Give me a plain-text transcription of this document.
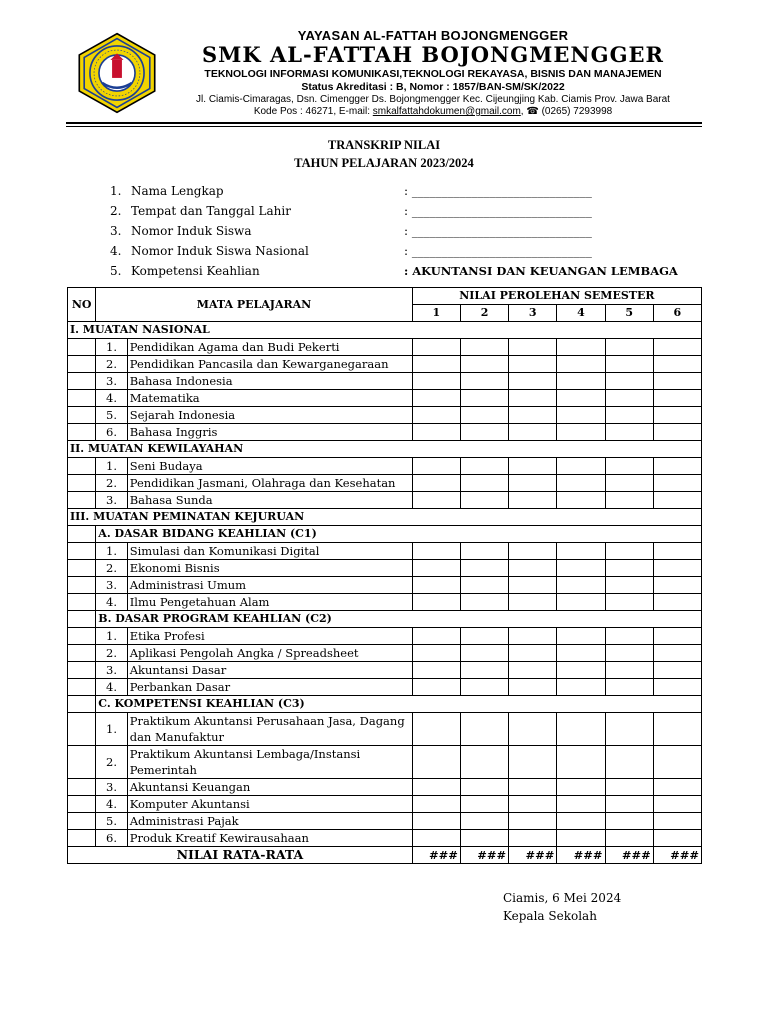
YAYASAN AL-FATTAH BOJONGMENGGER
SMK AL-FATTAH BOJONGMENGGER
TEKNOLOGI INFORMASI KOMUNIKASI,TEKNOLOGI REKAYASA, BISNIS DAN MANAJEMEN
Status Akreditasi : B, Nomor : 1857/BAN-SM/SK/2022
Jl. Ciamis-Cimaragas, Dsn. Cimengger Ds. Bojongmengger Kec. Cijeungjing Kab. Ciamis Prov. Jawa Barat
Kode Pos : 46271, E-mail: smkalfattahdokumen@gmail.com, ☎ (0265) 7293998
TRANSKRIP NILAI
TAHUN PELAJARAN 2023/2024
1. Nama Lengkap	: ______________________________
2. Tempat dan Tanggal Lahir	: ______________________________
3. Nomor Induk Siswa	: ______________________________
4. Nomor Induk Siswa Nasional	: ______________________________
5. Kompetensi Keahlian	: AKUNTANSI DAN KEUANGAN LEMBAGA
NO	MATA PELAJARAN		NILAI PEROLEHAN SEMESTER					
			1	2	3	4	5	6
I. MUATAN NASIONAL								
	1.	Pendidikan Agama dan Budi Pekerti						
	2.	Pendidikan Pancasila dan Kewarganegaraan						
	3.	Bahasa Indonesia						
	4.	Matematika						
	5.	Sejarah Indonesia						
	6.	Bahasa Inggris						
II. MUATAN KEWILAYAHAN								
	1.	Seni Budaya						
	2.	Pendidikan Jasmani, Olahraga dan Kesehatan						
	3.	Bahasa Sunda						
III. MUATAN PEMINATAN KEJURUAN								
	A. DASAR BIDANG KEAHLIAN (C1)							
	1.	Simulasi dan Komunikasi Digital						
	2.	Ekonomi Bisnis						
	3.	Administrasi Umum						
	4.	Ilmu Pengetahuan Alam						
	B. DASAR PROGRAM KEAHLIAN (C2)							
	1.	Etika Profesi						
	2.	Aplikasi Pengolah Angka / Spreadsheet						
	3.	Akuntansi Dasar						
	4.	Perbankan Dasar						
	C. KOMPETENSI KEAHLIAN (C3)							
	1.	Praktikum Akuntansi Perusahaan Jasa, Dagang dan Manufaktur						
	2.	Praktikum Akuntansi Lembaga/Instansi Pemerintah						
	3.	Akuntansi Keuangan						
	4.	Komputer Akuntansi						
	5.	Administrasi Pajak						
	6.	Produk Kreatif Kewirausahaan						
NILAI RATA-RATA			###	###	###	###	###	###
Ciamis, 6 Mei 2024
Kepala Sekolah
